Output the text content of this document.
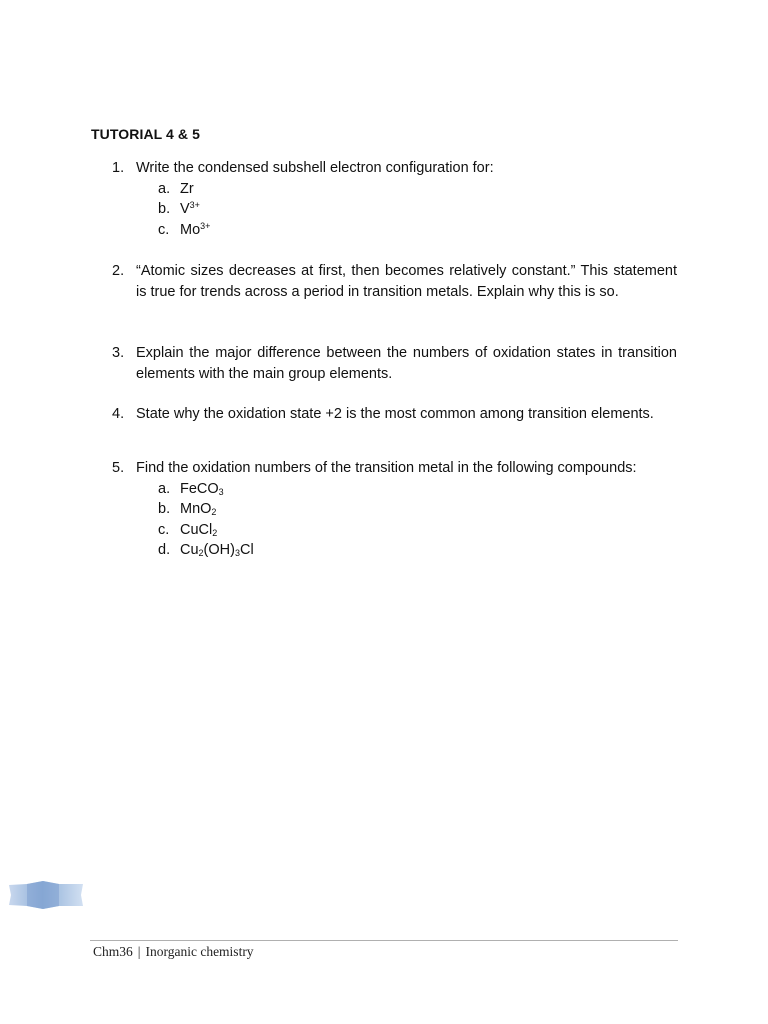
TUTORIAL 4 & 5
1. Write the condensed subshell electron configuration for:
a. Zr
b. $V^{3+}$
c. $Mo^{3+}$
2. “Atomic sizes decreases at first, then becomes relatively constant.” This statement is true for trends across a period in transition metals. Explain why this is so.
3. Explain the major difference between the numbers of oxidation states in transition elements with the main group elements.
4. State why the oxidation state +2 is the most common among transition elements.
5. Find the oxidation numbers of the transition metal in the following compounds:
a. FeCO$_3$
b. MnO$_2$
c. CuCl$_2$
d. $Cu_2(OH)_3Cl$
Chm36 | Inorganic chemistry
